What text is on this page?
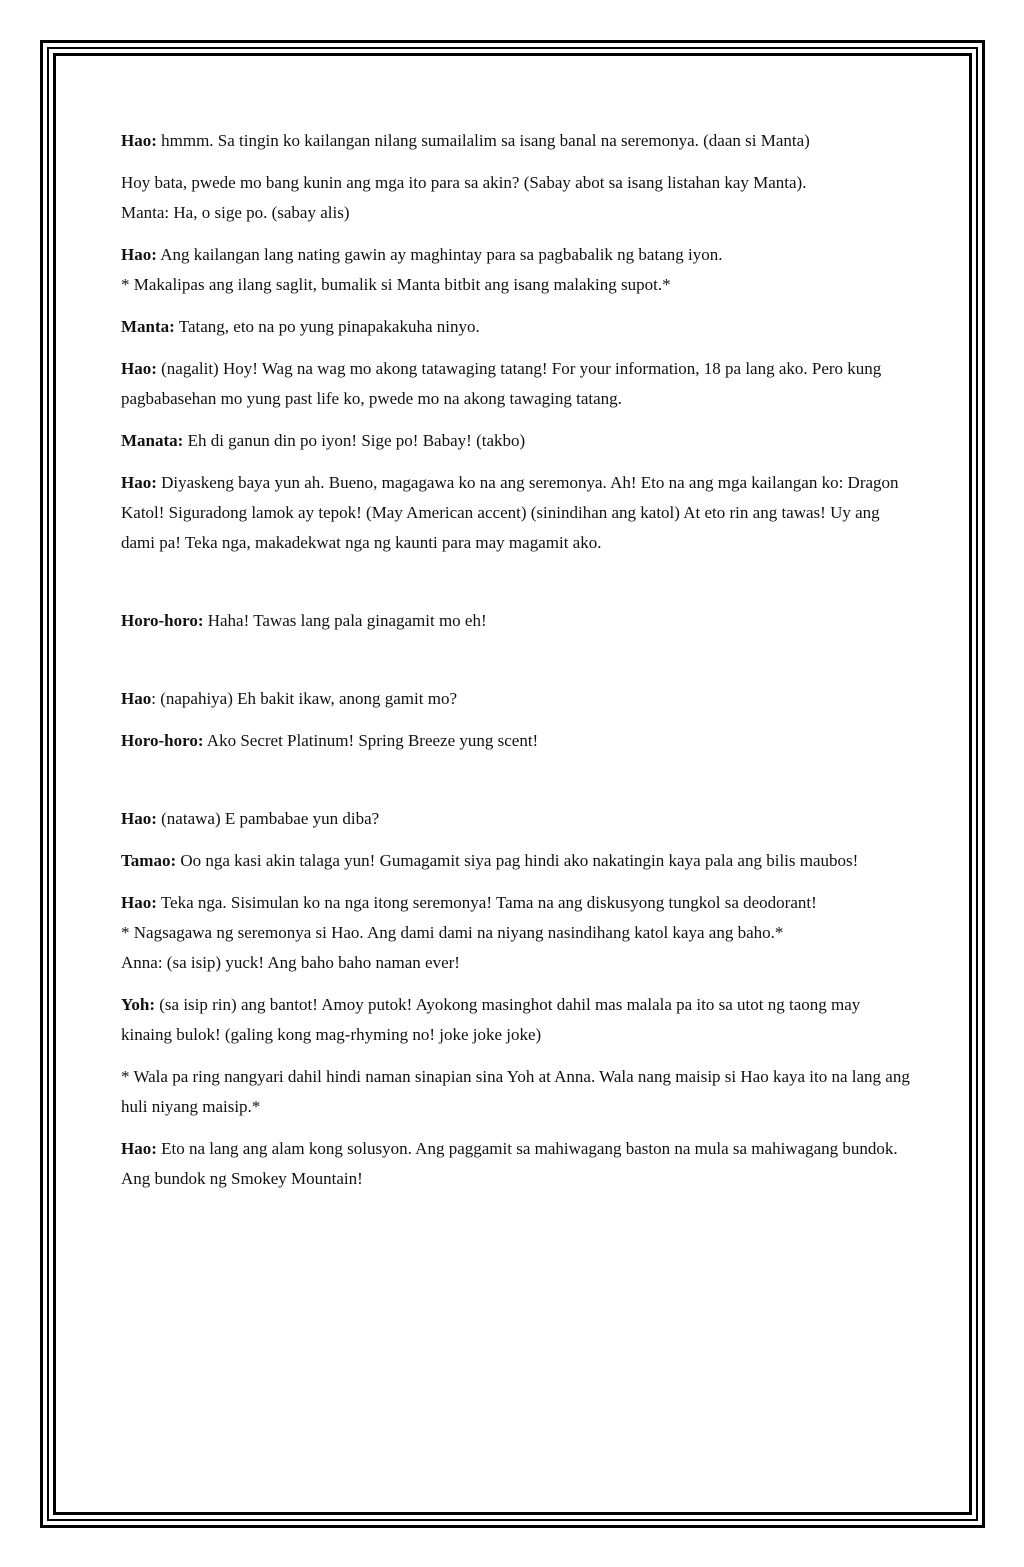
Hao: hmmm. Sa tingin ko kailangan nilang sumailalim sa isang banal na seremonya. (daan si Manta)
Hoy bata, pwede mo bang kunin ang mga ito para sa akin? (Sabay abot sa isang listahan kay Manta).
Manta: Ha, o sige po. (sabay alis)
Hao: Ang kailangan lang nating gawin ay maghintay para sa pagbabalik ng batang iyon.
* Makalipas ang ilang saglit, bumalik si Manta bitbit ang isang malaking supot.*
Manta: Tatang, eto na po yung pinapakakuha ninyo.
Hao: (nagalit) Hoy! Wag na wag mo akong tatawaging tatang! For your information, 18 pa lang ako. Pero kung pagbabasehan mo yung past life ko, pwede mo na akong tawaging tatang.
Manata: Eh di ganun din po iyon! Sige po! Babay! (takbo)
Hao: Diyaskeng baya yun ah. Bueno, magagawa ko na ang seremonya. Ah! Eto na ang mga kailangan ko: Dragon Katol! Siguradong lamok ay tepok! (May American accent) (sinindihan ang katol) At eto rin ang tawas! Uy ang dami pa! Teka nga, makadekwat nga ng kaunti para may magamit ako.
Horo-horo: Haha! Tawas lang pala ginagamit mo eh!
Hao: (napahiya) Eh bakit ikaw, anong gamit mo?
Horo-horo: Ako Secret Platinum! Spring Breeze yung scent!
Hao: (natawa) E pambabae yun diba?
Tamao: Oo nga kasi akin talaga yun! Gumagamit siya pag hindi ako nakatingin kaya pala ang bilis maubos!
Hao: Teka nga. Sisimulan ko na nga itong seremonya! Tama na ang diskusyong tungkol sa deodorant!
* Nagsagawa ng seremonya si Hao. Ang dami dami na niyang nasindihang katol kaya ang baho.*
Anna: (sa isip) yuck! Ang baho baho naman ever!
Yoh: (sa isip rin) ang bantot! Amoy putok! Ayokong masinghot dahil mas malala pa ito sa utot ng taong may kinaing bulok! (galing kong mag-rhyming no! joke joke joke)
* Wala pa ring nangyari dahil hindi naman sinapian sina Yoh at Anna. Wala nang maisip si Hao kaya ito na lang ang huli niyang maisip.*
Hao: Eto na lang ang alam kong solusyon. Ang paggamit sa mahiwagang baston na mula sa mahiwagang bundok. Ang bundok ng Smokey Mountain!
